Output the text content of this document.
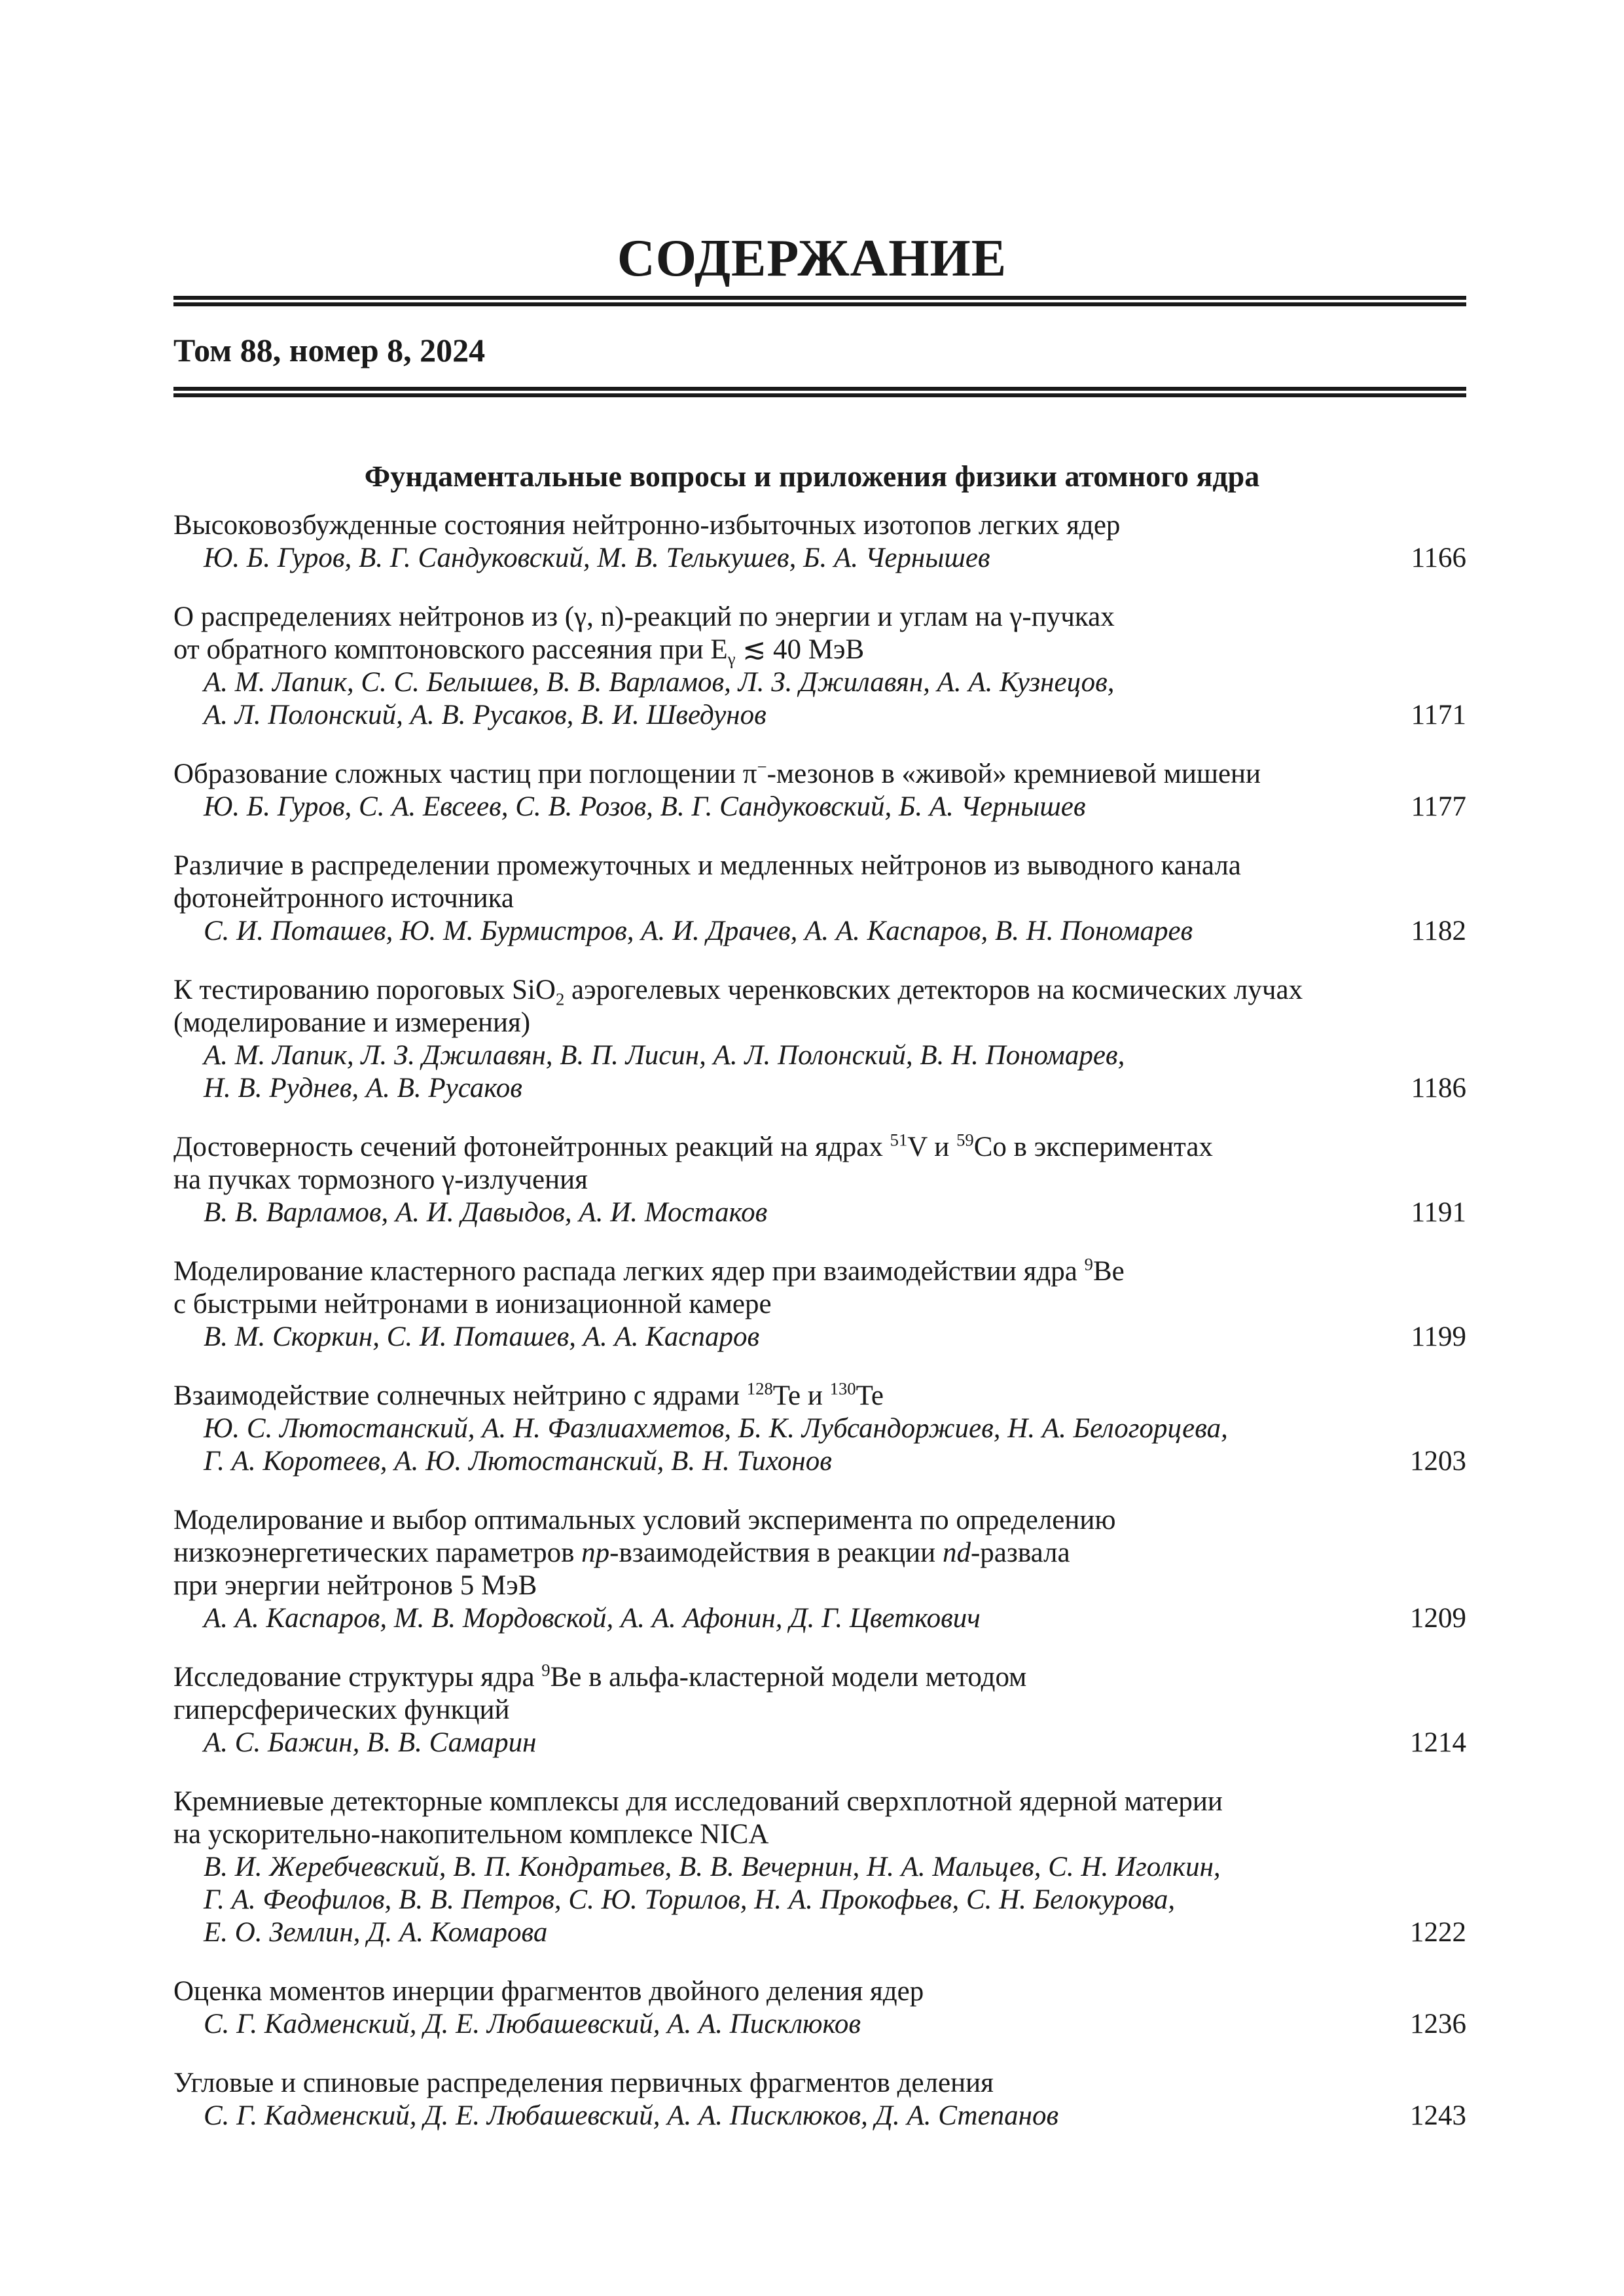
СОДЕРЖАНИЕ
Том 88, номер 8, 2024
Фундаментальные вопросы и приложения физики атомного ядра
Высоковозбужденные состояния нейтронно-избыточных изотопов легких ядер
Ю. Б. Гуров, В. Г. Сандуковский, М. В. Телькушев, Б. А. Чернышев	1166
О распределениях нейтронов из (γ, n)-реакций по энергии и углам на γ-пучках
от обратного комптоновского рассеяния при $E_\gamma$ ≲ 40 МэВ
А. М. Лапик, С. С. Белышев, В. В. Варламов, Л. З. Джилавян, А. А. Кузнецов,
А. Л. Полонский, А. В. Русаков, В. И. Шведунов	1171
Образование сложных частиц при поглощении π−-мезонов в «живой» кремниевой мишени
Ю. Б. Гуров, С. А. Евсеев, С. В. Розов, В. Г. Сандуковский, Б. А. Чернышев	1177
Различие в распределении промежуточных и медленных нейтронов из выводного канала
фотонейтронного источника
С. И. Поташев, Ю. М. Бурмистров, А. И. Драчев, А. А. Каспаров, В. Н. Пономарев	1182
К тестированию пороговых SiO$_2$ аэрогелевых черенковских детекторов на космических лучах
(моделирование и измерения)
А. М. Лапик, Л. З. Джилавян, В. П. Лисин, А. Л. Полонский, В. Н. Пономарев,
Н. В. Руднев, А. В. Русаков	1186
Достоверность сечений фотонейтронных реакций на ядрах $^{51}$V и $^{59}$Co в экспериментах
на пучках тормозного γ-излучения
В. В. Варламов, А. И. Давыдов, А. И. Мостаков	1191
Моделирование кластерного распада легких ядер при взаимодействии ядра $^9$Be
с быстрыми нейтронами в ионизационной камере
В. М. Скоркин, С. И. Поташев, А. А. Каспаров	1199
Взаимодействие солнечных нейтрино с ядрами $^{128}$Te и $^{130}$Te
Ю. С. Лютостанский, А. Н. Фазлиахметов, Б. К. Лубсандоржиев, Н. А. Белогорцева,
Г. А. Коротеев, А. Ю. Лютостанский, В. Н. Тихонов	1203
Моделирование и выбор оптимальных условий эксперимента по определению
низкоэнергетических параметров np-взаимодействия в реакции nd-развала
при энергии нейтронов 5 МэВ
А. А. Каспаров, М. В. Мордовской, А. А. Афонин, Д. Г. Цветкович	1209
Исследование структуры ядра $^9$Be в альфа-кластерной модели методом
гиперсферических функций
А. С. Бажин, В. В. Самарин	1214
Кремниевые детекторные комплексы для исследований сверхплотной ядерной материи
на ускорительно-накопительном комплексе NICA
В. И. Жеребчевский, В. П. Кондратьев, В. В. Вечернин, Н. А. Мальцев, С. Н. Иголкин,
Г. А. Феофилов, В. В. Петров, С. Ю. Торилов, Н. А. Прокофьев, С. Н. Белокурова,
Е. О. Землин, Д. А. Комарова	1222
Оценка моментов инерции фрагментов двойного деления ядер
С. Г. Кадменский, Д. Е. Любашевский, А. А. Писклюков	1236
Угловые и спиновые распределения первичных фрагментов деления
С. Г. Кадменский, Д. Е. Любашевский, А. А. Писклюков, Д. А. Степанов	1243
